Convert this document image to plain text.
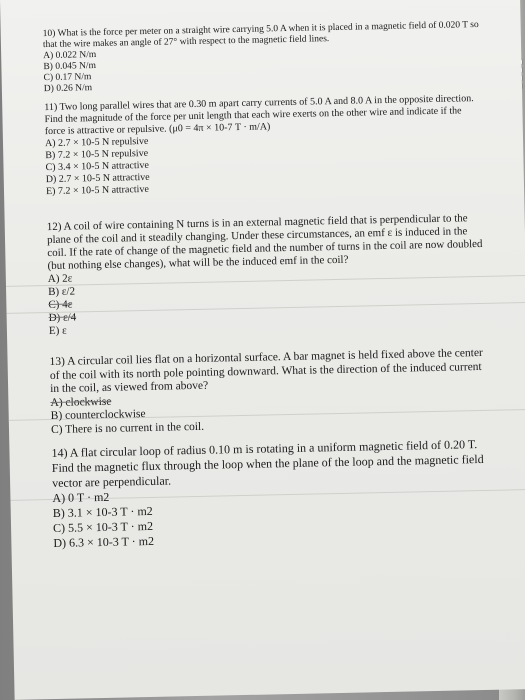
10) What is the force per meter on a straight wire carrying 5.0 A when it is placed in a magnetic field of 0.020 T so that the wire makes an angle of 27° with respect to the magnetic field lines.

A) 0.022 N/m

B) 0.045 N/m

C) 0.17 N/m

D) 0.26 N/m

11) Two long parallel wires that are 0.30 m apart carry currents of 5.0 A and 8.0 A in the opposite direction. Find the magnitude of the force per unit length that each wire exerts on the other wire and indicate if the force is attractive or repulsive. (μ0 = 4π × 10-7 T · m/A)

A) 2.7 × 10-5 N repulsive

B) 7.2 × 10-5 N repulsive

C) 3.4 × 10-5 N attractive

D) 2.7 × 10-5 N attractive

E) 7.2 × 10-5 N attractive

12) A coil of wire containing N turns is in an external magnetic field that is perpendicular to the plane of the coil and it steadily changing. Under these circumstances, an emf ε is induced in the coil. If the rate of change of the magnetic field and the number of turns in the coil are now doubled (but nothing else changes), what will be the induced emf in the coil?

A) 2ε

B) ε/2

C) 4ε

D) ε/4

E) ε

13) A circular coil lies flat on a horizontal surface. A bar magnet is held fixed above the center of the coil with its north pole pointing downward. What is the direction of the induced current in the coil, as viewed from above?

A) clockwise

B) counterclockwise

C) There is no current in the coil.

14) A flat circular loop of radius 0.10 m is rotating in a uniform magnetic field of 0.20 T. Find the magnetic flux through the loop when the plane of the loop and the magnetic field vector are perpendicular.

A) 0 T · m2

B) 3.1 × 10-3 T · m2

C) 5.5 × 10-3 T · m2

D) 6.3 × 10-3 T · m2
